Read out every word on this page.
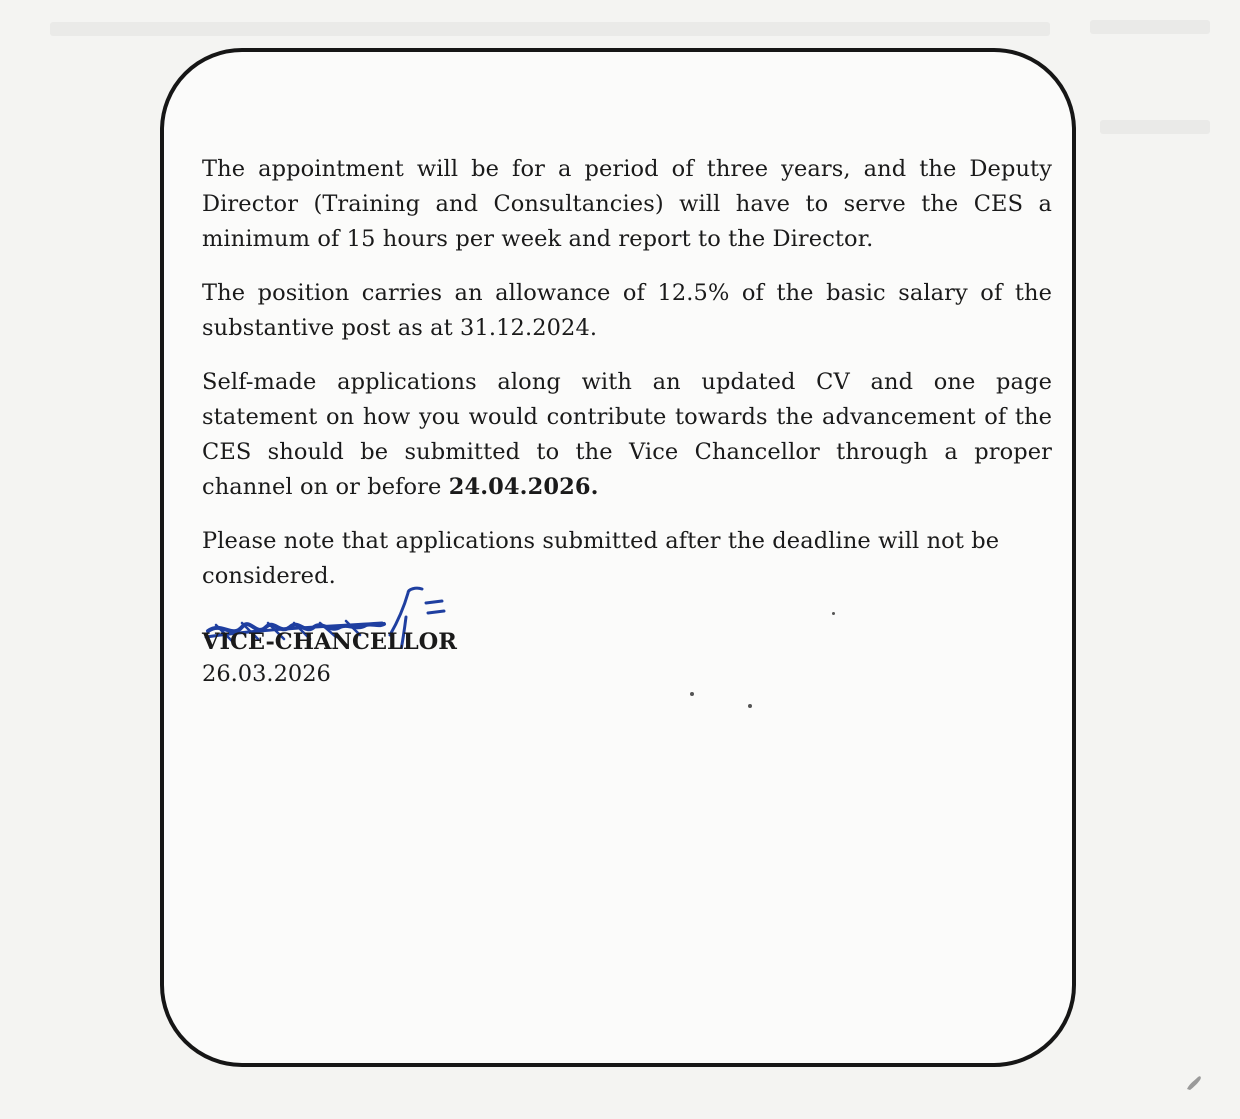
The appointment will be for a period of three years, and the Deputy Director (Training and Consultancies) will have to serve the CES a minimum of 15 hours per week and report to the Director.

The position carries an allowance of 12.5% of the basic salary of the substantive post as at 31.12.2024.

Self-made applications along with an updated CV and one page statement on how you would contribute towards the advancement of the CES should be submitted to the Vice Chancellor through a proper channel on or before 24.04.2026.

Please note that applications submitted after the deadline will not be considered.

VICE-CHANCELLOR
26.03.2026
